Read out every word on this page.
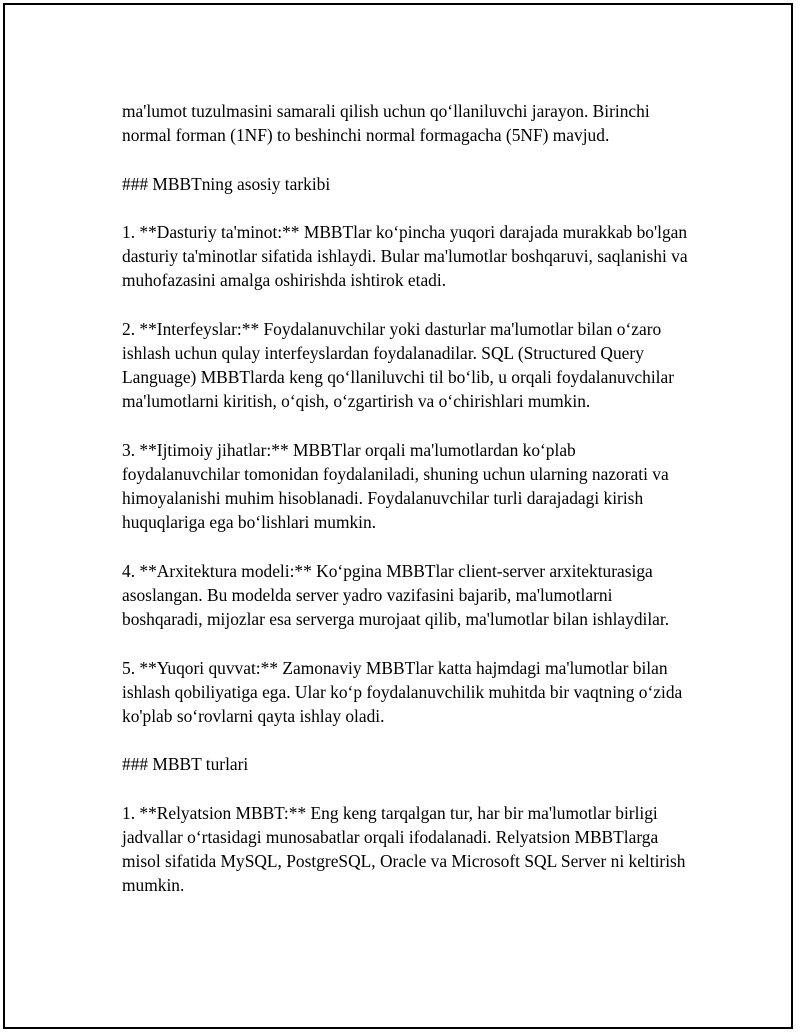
ma'lumot tuzulmasini samarali qilish uchun qo‘llaniluvchi jarayon. Birinchi normal forman (1NF) to beshinchi normal formagacha (5NF) mavjud.

### MBBTning asosiy tarkibi

1. **Dasturiy ta'minot:** MBBTlar ko‘pincha yuqori darajada murakkab bo'lgan dasturiy ta'minotlar sifatida ishlaydi. Bular ma'lumotlar boshqaruvi, saqlanishi va muhofazasini amalga oshirishda ishtirok etadi.

2. **Interfeyslar:** Foydalanuvchilar yoki dasturlar ma'lumotlar bilan o‘zaro ishlash uchun qulay interfeyslardan foydalanadilar. SQL (Structured Query Language) MBBTlarda keng qo‘llaniluvchi til bo‘lib, u orqali foydalanuvchilar ma'lumotlarni kiritish, o‘qish, o‘zgartirish va o‘chirishlari mumkin.

3. **Ijtimoiy jihatlar:** MBBTlar orqali ma'lumotlardan ko‘plab foydalanuvchilar tomonidan foydalaniladi, shuning uchun ularning nazorati va himoyalanishi muhim hisoblanadi. Foydalanuvchilar turli darajadagi kirish huquqlariga ega bo‘lishlari mumkin.

4. **Arxitektura modeli:** Ko‘pgina MBBTlar client-server arxitekturasiga asoslangan. Bu modelda server yadro vazifasini bajarib, ma'lumotlarni boshqaradi, mijozlar esa serverga murojaat qilib, ma'lumotlar bilan ishlaydilar.

5. **Yuqori quvvat:** Zamonaviy MBBTlar katta hajmdagi ma'lumotlar bilan ishlash qobiliyatiga ega. Ular ko‘p foydalanuvchilik muhitda bir vaqtning o‘zida ko'plab so‘rovlarni qayta ishlay oladi.

### MBBT turlari

1. **Relyatsion MBBT:** Eng keng tarqalgan tur, har bir ma'lumotlar birligi jadvallar o‘rtasidagi munosabatlar orqali ifodalanadi. Relyatsion MBBTlarga misol sifatida MySQL, PostgreSQL, Oracle va Microsoft SQL Server ni keltirish mumkin.
